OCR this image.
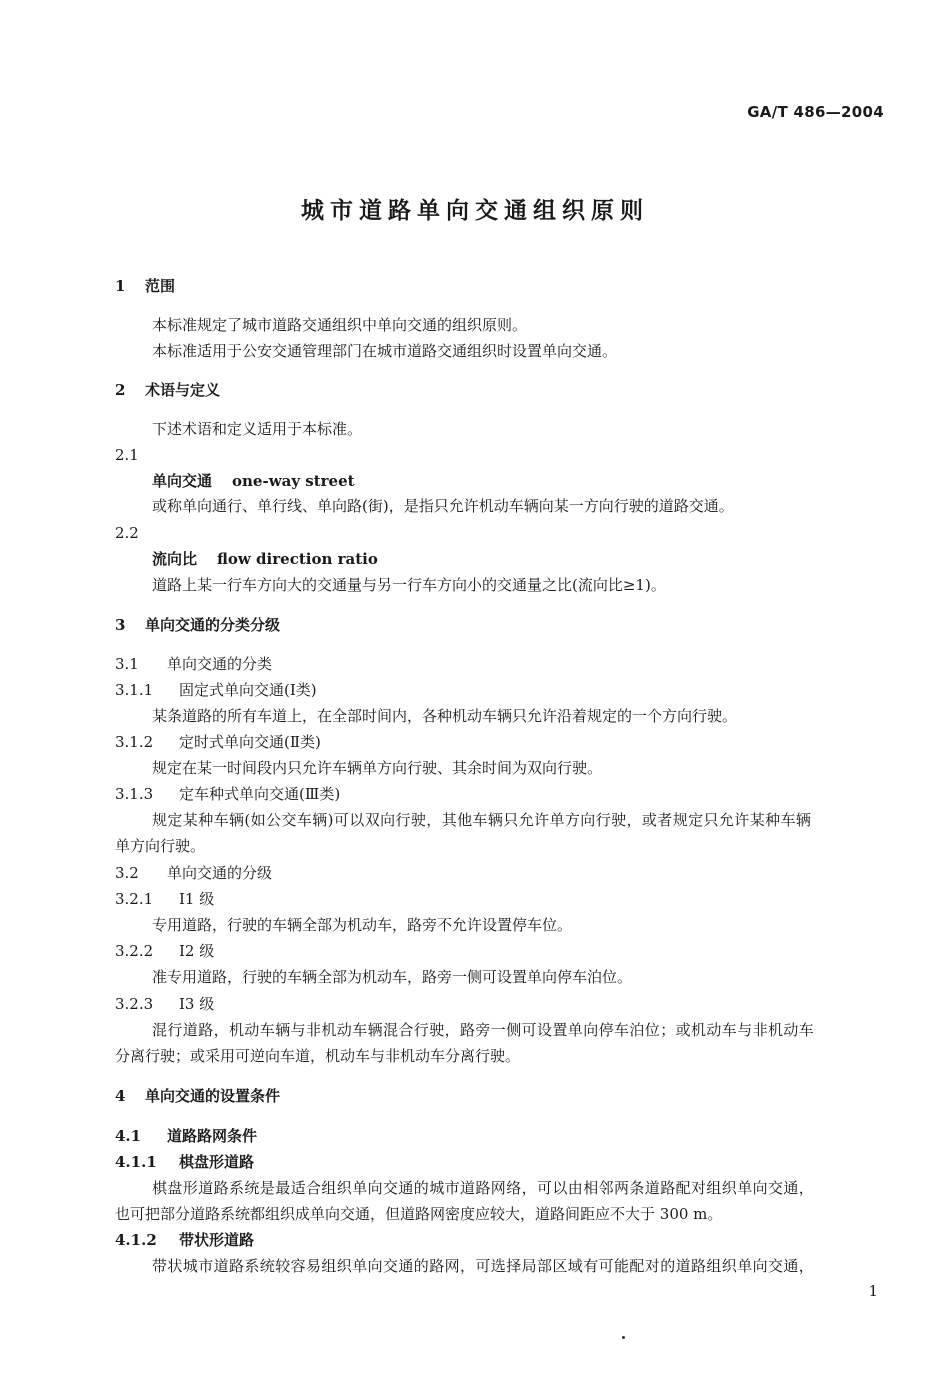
GA/T 486—2004
城市道路单向交通组织原则
1 范围
本标准规定了城市道路交通组织中单向交通的组织原则。
本标准适用于公安交通管理部门在城市道路交通组织时设置单向交通。
2 术语与定义
下述术语和定义适用于本标准。
2.1
单向交通 one-way street
或称单向通行、单行线、单向路(街)，是指只允许机动车辆向某一方向行驶的道路交通。
2.2
流向比 flow direction ratio
道路上某一行车方向大的交通量与另一行车方向小的交通量之比(流向比≥1)。
3 单向交通的分类分级
3.1 单向交通的分类
3.1.1 固定式单向交通(Ⅰ类)
某条道路的所有车道上，在全部时间内，各种机动车辆只允许沿着规定的一个方向行驶。
3.1.2 定时式单向交通(Ⅱ类)
规定在某一时间段内只允许车辆单方向行驶、其余时间为双向行驶。
3.1.3 定车种式单向交通(Ⅲ类)
规定某种车辆(如公交车辆)可以双向行驶，其他车辆只允许单方向行驶，或者规定只允许某种车辆
单方向行驶。
3.2 单向交通的分级
3.2.1 Ⅰ1 级
专用道路，行驶的车辆全部为机动车，路旁不允许设置停车位。
3.2.2 Ⅰ2 级
准专用道路，行驶的车辆全部为机动车，路旁一侧可设置单向停车泊位。
3.2.3 Ⅰ3 级
混行道路，机动车辆与非机动车辆混合行驶，路旁一侧可设置单向停车泊位；或机动车与非机动车
分离行驶；或采用可逆向车道，机动车与非机动车分离行驶。
4 单向交通的设置条件
4.1 道路路网条件
4.1.1 棋盘形道路
棋盘形道路系统是最适合组织单向交通的城市道路网络，可以由相邻两条道路配对组织单向交通，
也可把部分道路系统都组织成单向交通，但道路网密度应较大，道路间距应不大于 300 m。
4.1.2 带状形道路
带状城市道路系统较容易组织单向交通的路网，可选择局部区域有可能配对的道路组织单向交通，
1
